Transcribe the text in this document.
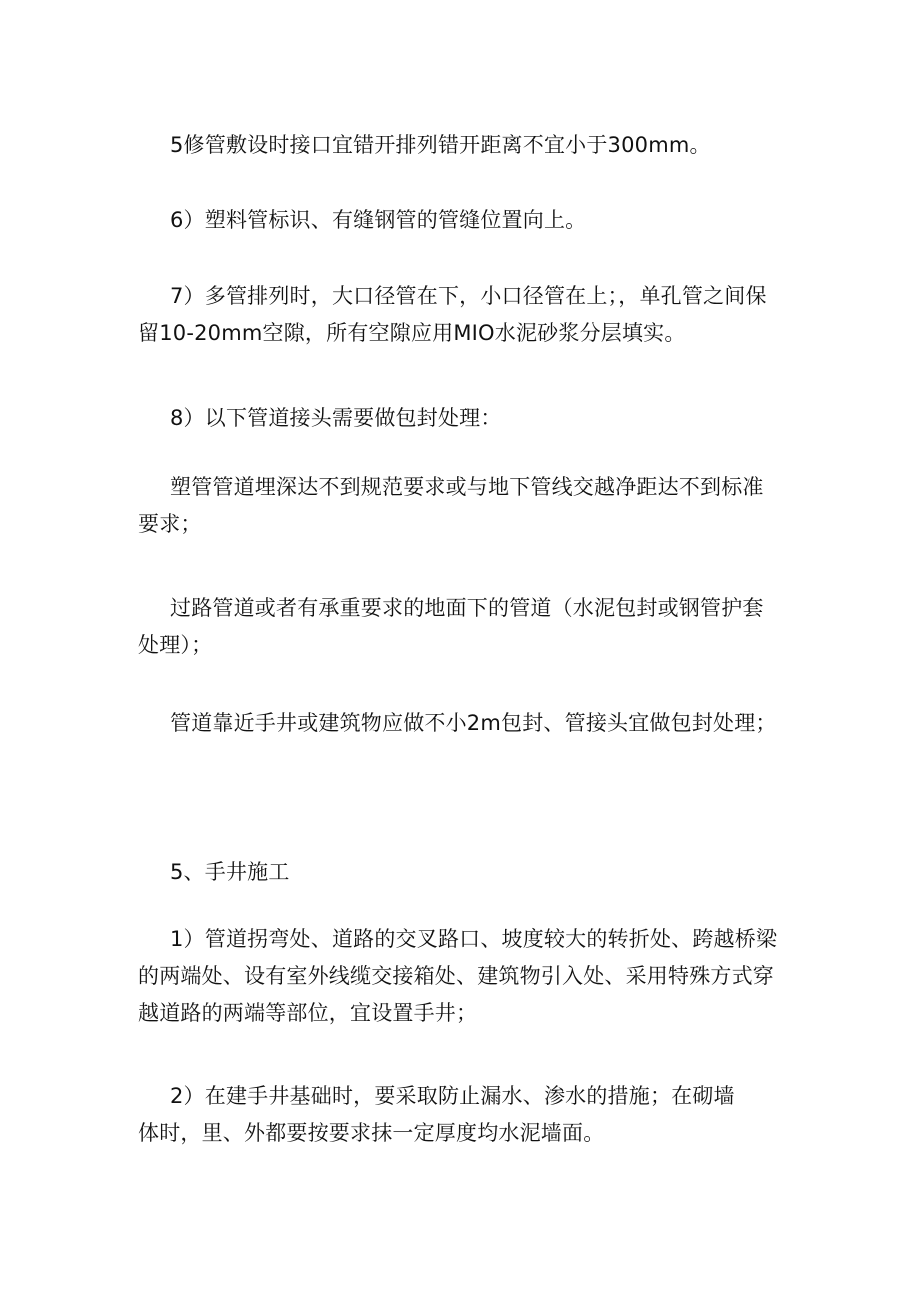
5修管敷设时接口宜错开排列错开距离不宜小于300mm。
6）塑料管标识、有缝钢管的管缝位置向上。
7）多管排列时，大口径管在下，小口径管在上；，单孔管之间保
留10-20mm空隙，所有空隙应用MIO水泥砂浆分层填实。
8）以下管道接头需要做包封处理：
塑管管道埋深达不到规范要求或与地下管线交越净距达不到标准
要求；
过路管道或者有承重要求的地面下的管道（水泥包封或钢管护套
处理）；
管道靠近手井或建筑物应做不小2m包封、管接头宜做包封处理；
5、手井施工
1）管道拐弯处、道路的交叉路口、坡度较大的转折处、跨越桥梁
的两端处、设有室外线缆交接箱处、建筑物引入处、采用特殊方式穿
越道路的两端等部位，宜设置手井；
2）在建手井基础时，要采取防止漏水、渗水的措施；在砌墙
体时，里、外都要按要求抹一定厚度均水泥墙面。
